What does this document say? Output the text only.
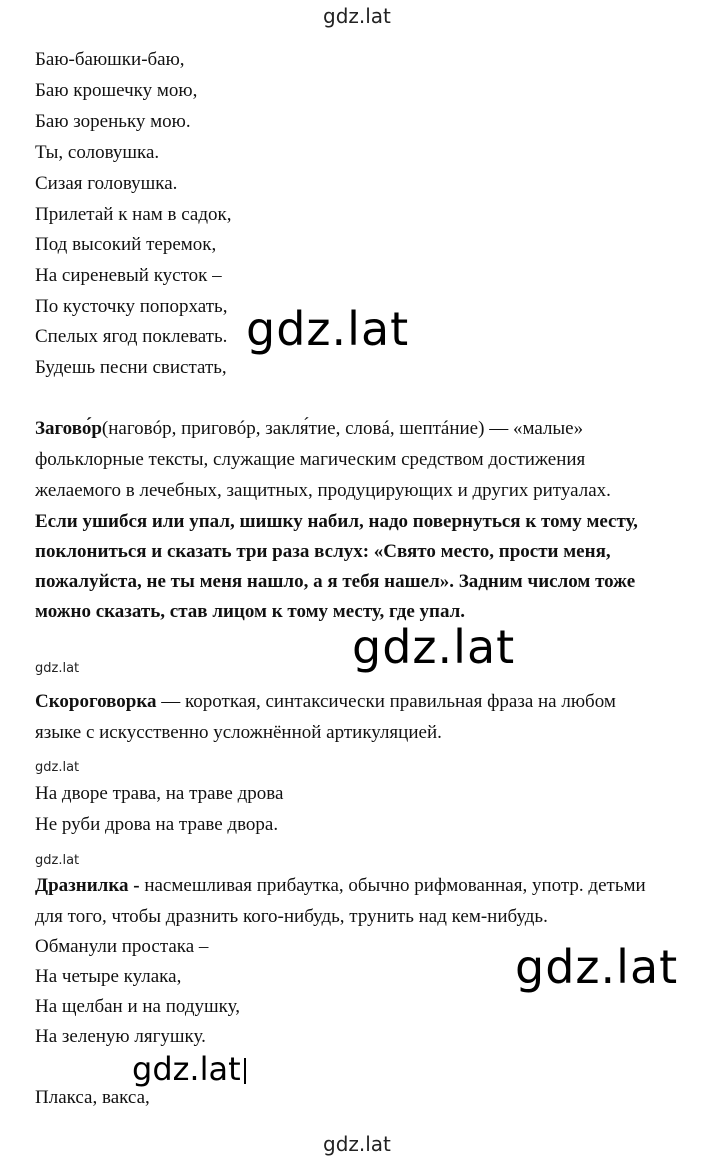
gdz.lat
Баю-баюшки-баю,
Баю крошечку мою,
Баю зореньку мою.
Ты, соловушка.
Сизая головушка.
Прилетай к нам в садок,
Под высокий теремок,
На сиреневый кусток –
По кусточку попорхать,
Спелых ягод поклевать.
Будешь песни свистать,
gdz.lat
Загово́р(наговóр, приговóр, закля́тие, словá, шептáние) — «малые»
фольклорные тексты, служащие магическим средством достижения
желаемого в лечебных, защитных, продуцирующих и других ритуалах.
Если ушибся или упал, шишку набил, надо повернуться к тому месту,
поклониться и сказать три раза вслух: «Свято место, прости меня,
пожалуйста, не ты меня нашло, а я тебя нашел». Задним числом тоже
можно сказать, став лицом к тому месту, где упал.
gdz.lat
gdz.lat
Скороговорка — короткая, синтаксически правильная фраза на любом
языке с искусственно усложнённой артикуляцией.
gdz.lat
На дворе трава, на траве дрова
Не руби дрова на траве двора.
gdz.lat
Дразнилка - насмешливая прибаутка, обычно рифмованная, употр. детьми
для того, чтобы дразнить кого-нибудь, трунить над кем-нибудь.
Обманули простака –
На четыре кулака,
На щелбан и на подушку,
На зеленую лягушку.
Плакса, вакса,
gdz.lat
gdz.lat
gdz.lat
